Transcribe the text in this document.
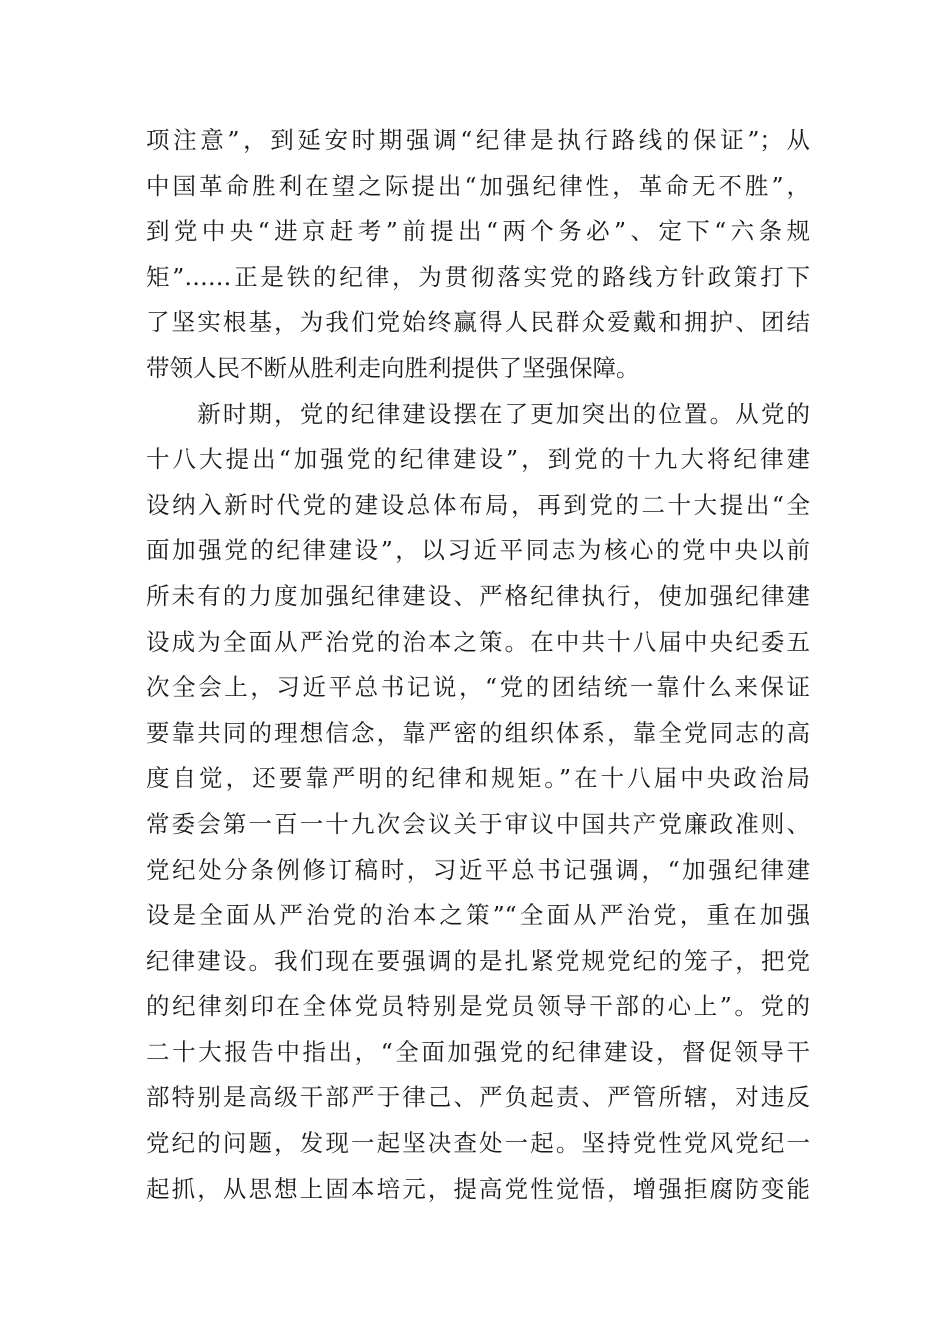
项注意”，到延安时期强调“纪律是执行路线的保证”；从
中国革命胜利在望之际提出“加强纪律性，革命无不胜”，
到党中央“进京赶考”前提出“两个务必”、定下“六条规
矩”……正是铁的纪律，为贯彻落实党的路线方针政策打下
了坚实根基，为我们党始终赢得人民群众爱戴和拥护、团结
带领人民不断从胜利走向胜利提供了坚强保障。
　　新时期，党的纪律建设摆在了更加突出的位置。从党的
十八大提出“加强党的纪律建设”，到党的十九大将纪律建
设纳入新时代党的建设总体布局，再到党的二十大提出“全
面加强党的纪律建设”，以习近平同志为核心的党中央以前
所未有的力度加强纪律建设、严格纪律执行，使加强纪律建
设成为全面从严治党的治本之策。在中共十八届中央纪委五
次全会上，习近平总书记说，“党的团结统一靠什么来保证
要靠共同的理想信念，靠严密的组织体系，靠全党同志的高
度自觉，还要靠严明的纪律和规矩。”在十八届中央政治局
常委会第一百一十九次会议关于审议中国共产党廉政准则、
党纪处分条例修订稿时，习近平总书记强调，“加强纪律建
设是全面从严治党的治本之策”“全面从严治党，重在加强
纪律建设。我们现在要强调的是扎紧党规党纪的笼子，把党
的纪律刻印在全体党员特别是党员领导干部的心上”。党的
二十大报告中指出，“全面加强党的纪律建设，督促领导干
部特别是高级干部严于律己、严负起责、严管所辖，对违反
党纪的问题，发现一起坚决查处一起。坚持党性党风党纪一
起抓，从思想上固本培元，提高党性觉悟，增强拒腐防变能
